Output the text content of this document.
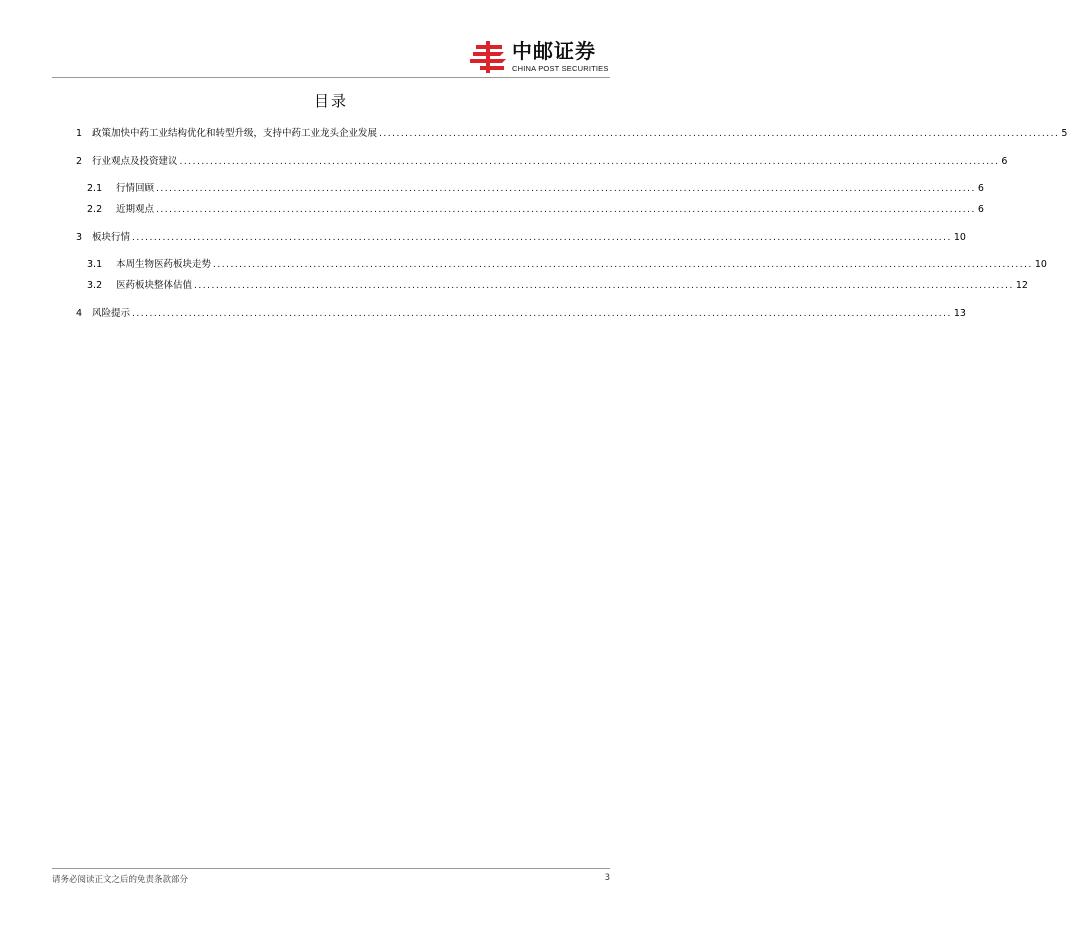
中邮证券
CHINA POST SECURITIES
目录
1	政策加快中药工业结构优化和转型升级，支持中药工业龙头企业发展 ............................................................................................................................................................ 5
2	行业观点及投资建议 ............................................................................................................................................................................................ 6
2.1	行情回顾 ............................................................................................................................................................................................ 6
2.2	近期观点 ............................................................................................................................................................................................ 6
3	板块行情 ............................................................................................................................................................................................ 10
3.1	本周生物医药板块走势 ............................................................................................................................................................................................ 10
3.2	医药板块整体估值 ............................................................................................................................................................................................ 12
4	风险提示 ............................................................................................................................................................................................ 13
请务必阅读正文之后的免责条款部分	3
